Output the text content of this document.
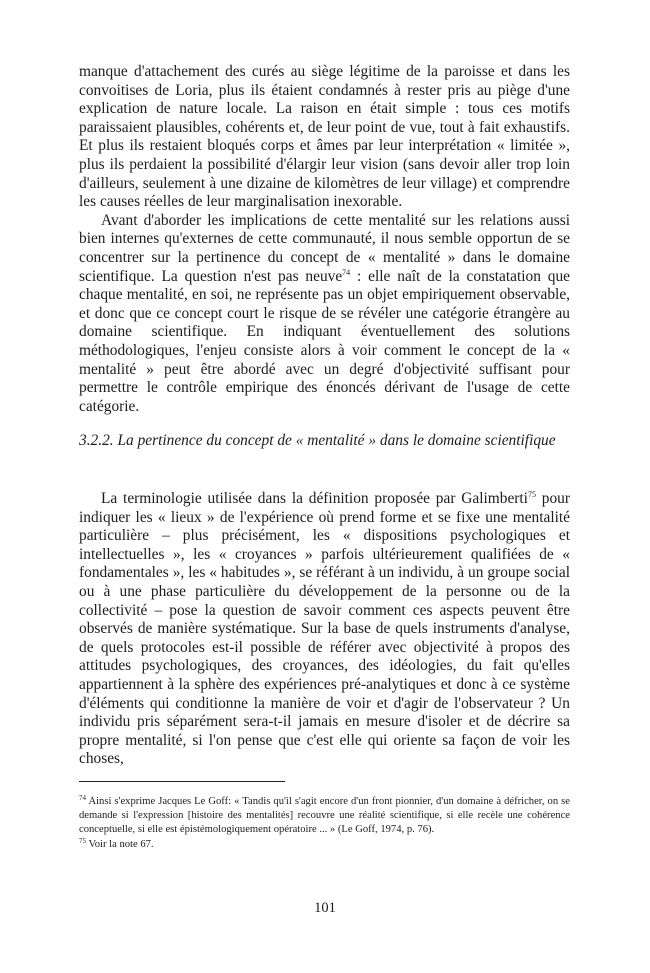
manque d'attachement des curés au siège légitime de la paroisse et dans les convoitises de Loria, plus ils étaient condamnés à rester pris au piège d'une explication de nature locale. La raison en était simple : tous ces motifs paraissaient plausibles, cohérents et, de leur point de vue, tout à fait exhaustifs. Et plus ils restaient bloqués corps et âmes par leur interprétation « limitée », plus ils perdaient la possibilité d'élargir leur vision (sans devoir aller trop loin d'ailleurs, seulement à une dizaine de kilomètres de leur village) et comprendre les causes réelles de leur marginalisation inexorable.

Avant d'aborder les implications de cette mentalité sur les relations aussi bien internes qu'externes de cette communauté, il nous semble opportun de se concentrer sur la pertinence du concept de « mentalité » dans le domaine scientifique. La question n'est pas neuve$^{74}$ : elle naît de la constatation que chaque mentalité, en soi, ne représente pas un objet empiriquement observable, et donc que ce concept court le risque de se révéler une catégorie étrangère au domaine scientifique. En indiquant éventuellement des solutions méthodologiques, l'enjeu consiste alors à voir comment le concept de la « mentalité » peut être abordé avec un degré d'objectivité suffisant pour permettre le contrôle empirique des énoncés dérivant de l'usage de cette catégorie.

3.2.2. La pertinence du concept de « mentalité » dans le domaine scientifique

La terminologie utilisée dans la définition proposée par Galimberti$^{75}$ pour indiquer les « lieux » de l'expérience où prend forme et se fixe une mentalité particulière – plus précisément, les « dispositions psychologiques et intellectuelles », les « croyances » parfois ultérieurement qualifiées de « fondamentales », les « habitudes », se référant à un individu, à un groupe social ou à une phase particulière du développement de la personne ou de la collectivité – pose la question de savoir comment ces aspects peuvent être observés de manière systématique. Sur la base de quels instruments d'analyse, de quels protocoles est-il possible de référer avec objectivité à propos des attitudes psychologiques, des croyances, des idéologies, du fait qu'elles appartiennent à la sphère des expériences pré-analytiques et donc à ce système d'éléments qui conditionne la manière de voir et d'agir de l'observateur ? Un individu pris séparément sera-t-il jamais en mesure d'isoler et de décrire sa propre mentalité, si l'on pense que c'est elle qui oriente sa façon de voir les choses,

$^{74}$ Ainsi s'exprime Jacques Le Goff: « Tandis qu'il s'agit encore d'un front pionnier, d'un domaine à défricher, on se demande si l'expression [histoire des mentalités] recouvre une réalité scientifique, si elle recèle une cohérence conceptuelle, si elle est épistémologiquement opératoire ... » (Le Goff, 1974, p. 76).

$^{75}$ Voir la note 67.

101
